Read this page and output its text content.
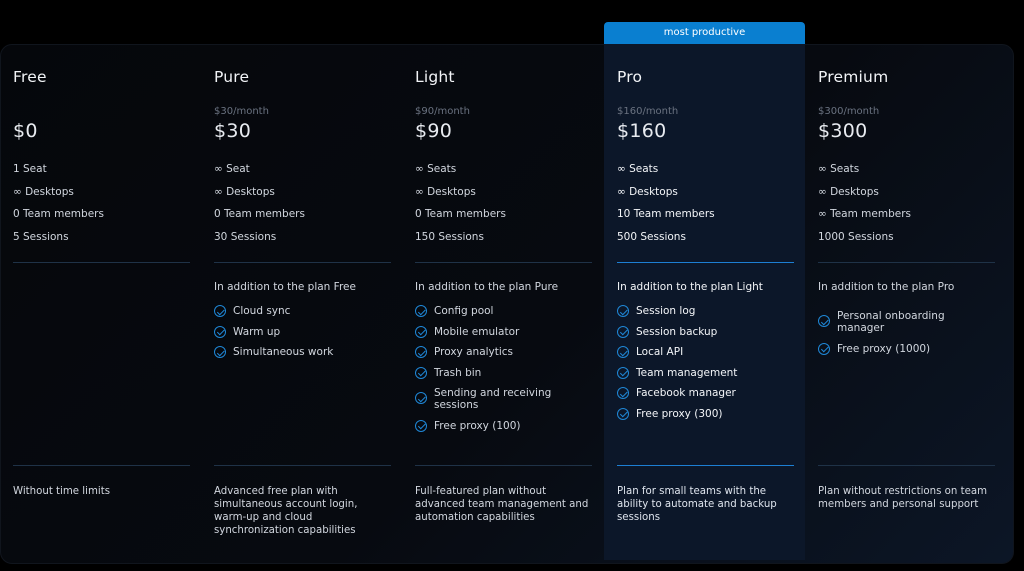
most productive
Free
$0
1 Seat
∞ Desktops
0 Team members
5 Sessions
Without time limits
Pure
$30/month
$30
∞ Seat
∞ Desktops
0 Team members
30 Sessions
In addition to the plan Free
Cloud sync
Warm up
Simultaneous work
Advanced free plan with simultaneous account login, warm-up and cloud synchronization capabilities
Light
$90/month
$90
∞ Seats
∞ Desktops
0 Team members
150 Sessions
In addition to the plan Pure
Config pool
Mobile emulator
Proxy analytics
Trash bin
Sending and receiving sessions
Free proxy (100)
Full-featured plan without advanced team management and automation capabilities
Pro
$160/month
$160
∞ Seats
∞ Desktops
10 Team members
500 Sessions
In addition to the plan Light
Session log
Session backup
Local API
Team management
Facebook manager
Free proxy (300)
Plan for small teams with the ability to automate and backup sessions
Premium
$300/month
$300
∞ Seats
∞ Desktops
∞ Team members
1000 Sessions
In addition to the plan Pro
Personal onboarding manager
Free proxy (1000)
Plan without restrictions on team members and personal support
